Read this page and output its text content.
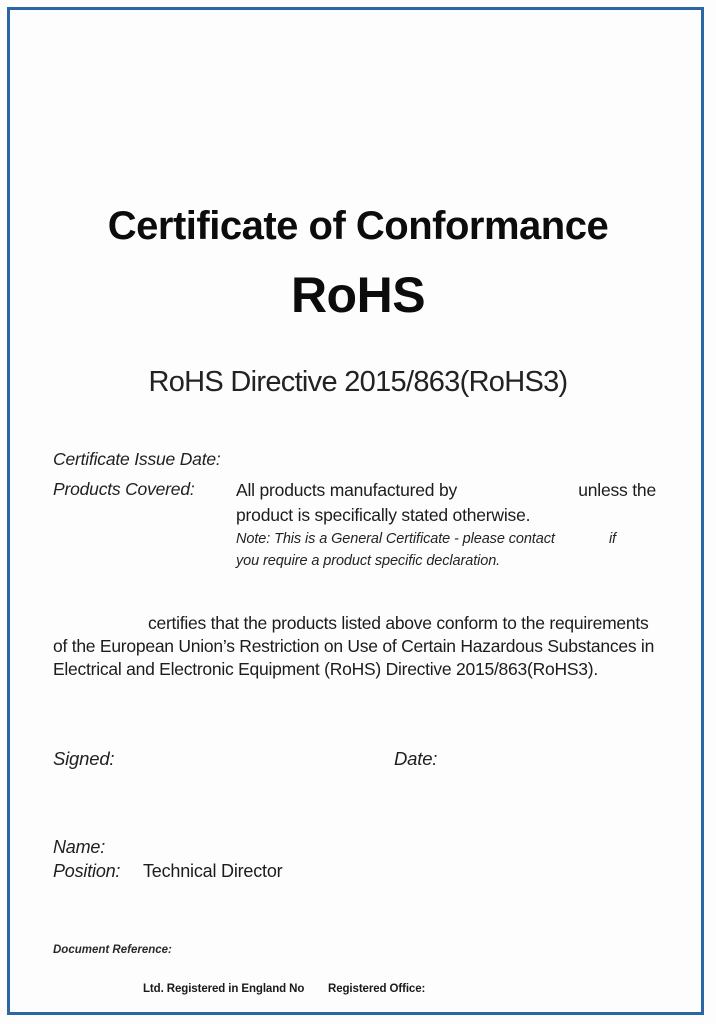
Certificate of Conformance
RoHS
RoHS Directive 2015/863(RoHS3)
Certificate Issue Date:
Products Covered: All products manufactured by	unless the
product is specifically stated otherwise.
Note: This is a General Certificate - please contact	if
you require a product specific declaration.
certifies that the products listed above conform to the requirements
of the European Union’s Restriction on Use of Certain Hazardous Substances in
Electrical and Electronic Equipment (RoHS) Directive 2015/863(RoHS3).
Signed:	Date:
Name:
Position: Technical Director
Document Reference:
Ltd. Registered in England No Registered Office:
